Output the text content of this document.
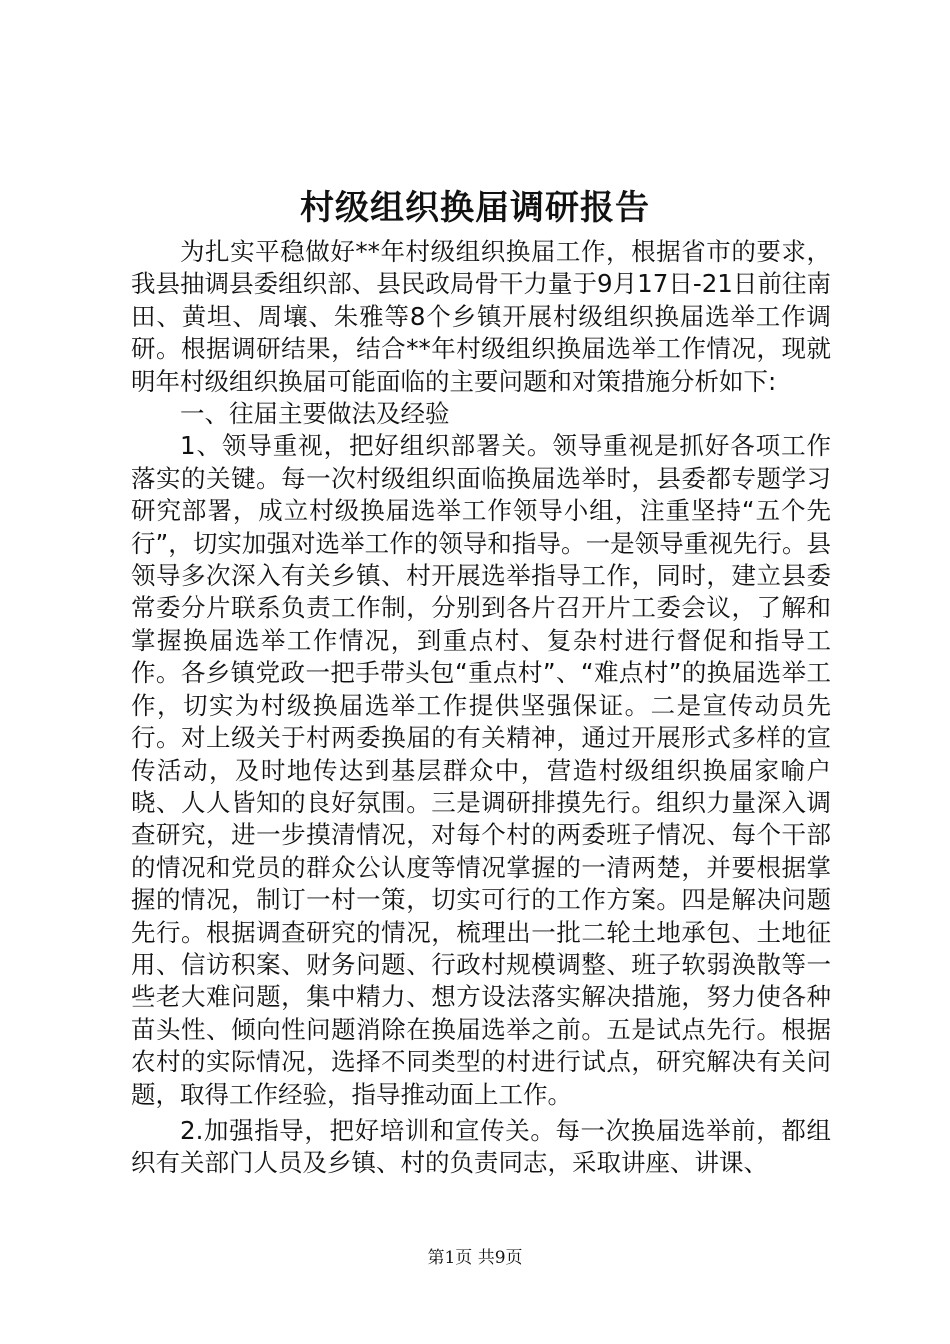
村级组织换届调研报告

为扎实平稳做好**年村级组织换届工作，根据省市的要求，我县抽调县委组织部、县民政局骨干力量于9月17日-21日前往南田、黄坦、周壤、朱雅等8个乡镇开展村级组织换届选举工作调研。根据调研结果，结合**年村级组织换届选举工作情况，现就明年村级组织换届可能面临的主要问题和对策措施分析如下:

一、往届主要做法及经验

1、领导重视，把好组织部署关。领导重视是抓好各项工作落实的关键。每一次村级组织面临换届选举时，县委都专题学习研究部署，成立村级换届选举工作领导小组，注重坚持“五个先行”，切实加强对选举工作的领导和指导。一是领导重视先行。县领导多次深入有关乡镇、村开展选举指导工作，同时，建立县委常委分片联系负责工作制，分别到各片召开片工委会议，了解和掌握换届选举工作情况，到重点村、复杂村进行督促和指导工作。各乡镇党政一把手带头包“重点村”、“难点村”的换届选举工作，切实为村级换届选举工作提供坚强保证。二是宣传动员先行。对上级关于村两委换届的有关精神，通过开展形式多样的宣传活动，及时地传达到基层群众中，营造村级组织换届家喻户晓、人人皆知的良好氛围。三是调研排摸先行。组织力量深入调查研究，进一步摸清情况，对每个村的两委班子情况、每个干部的情况和党员的群众公认度等情况掌握的一清两楚，并要根据掌握的情况，制订一村一策，切实可行的工作方案。四是解决问题先行。根据调查研究的情况，梳理出一批二轮土地承包、土地征用、信访积案、财务问题、行政村规模调整、班子软弱涣散等一些老大难问题，集中精力、想方设法落实解决措施，努力使各种苗头性、倾向性问题消除在换届选举之前。五是试点先行。根据农村的实际情况，选择不同类型的村进行试点，研究解决有关问题，取得工作经验，指导推动面上工作。

2.加强指导，把好培训和宣传关。每一次换届选举前，都组织有关部门人员及乡镇、村的负责同志，采取讲座、讲课、

第1页 共9页
